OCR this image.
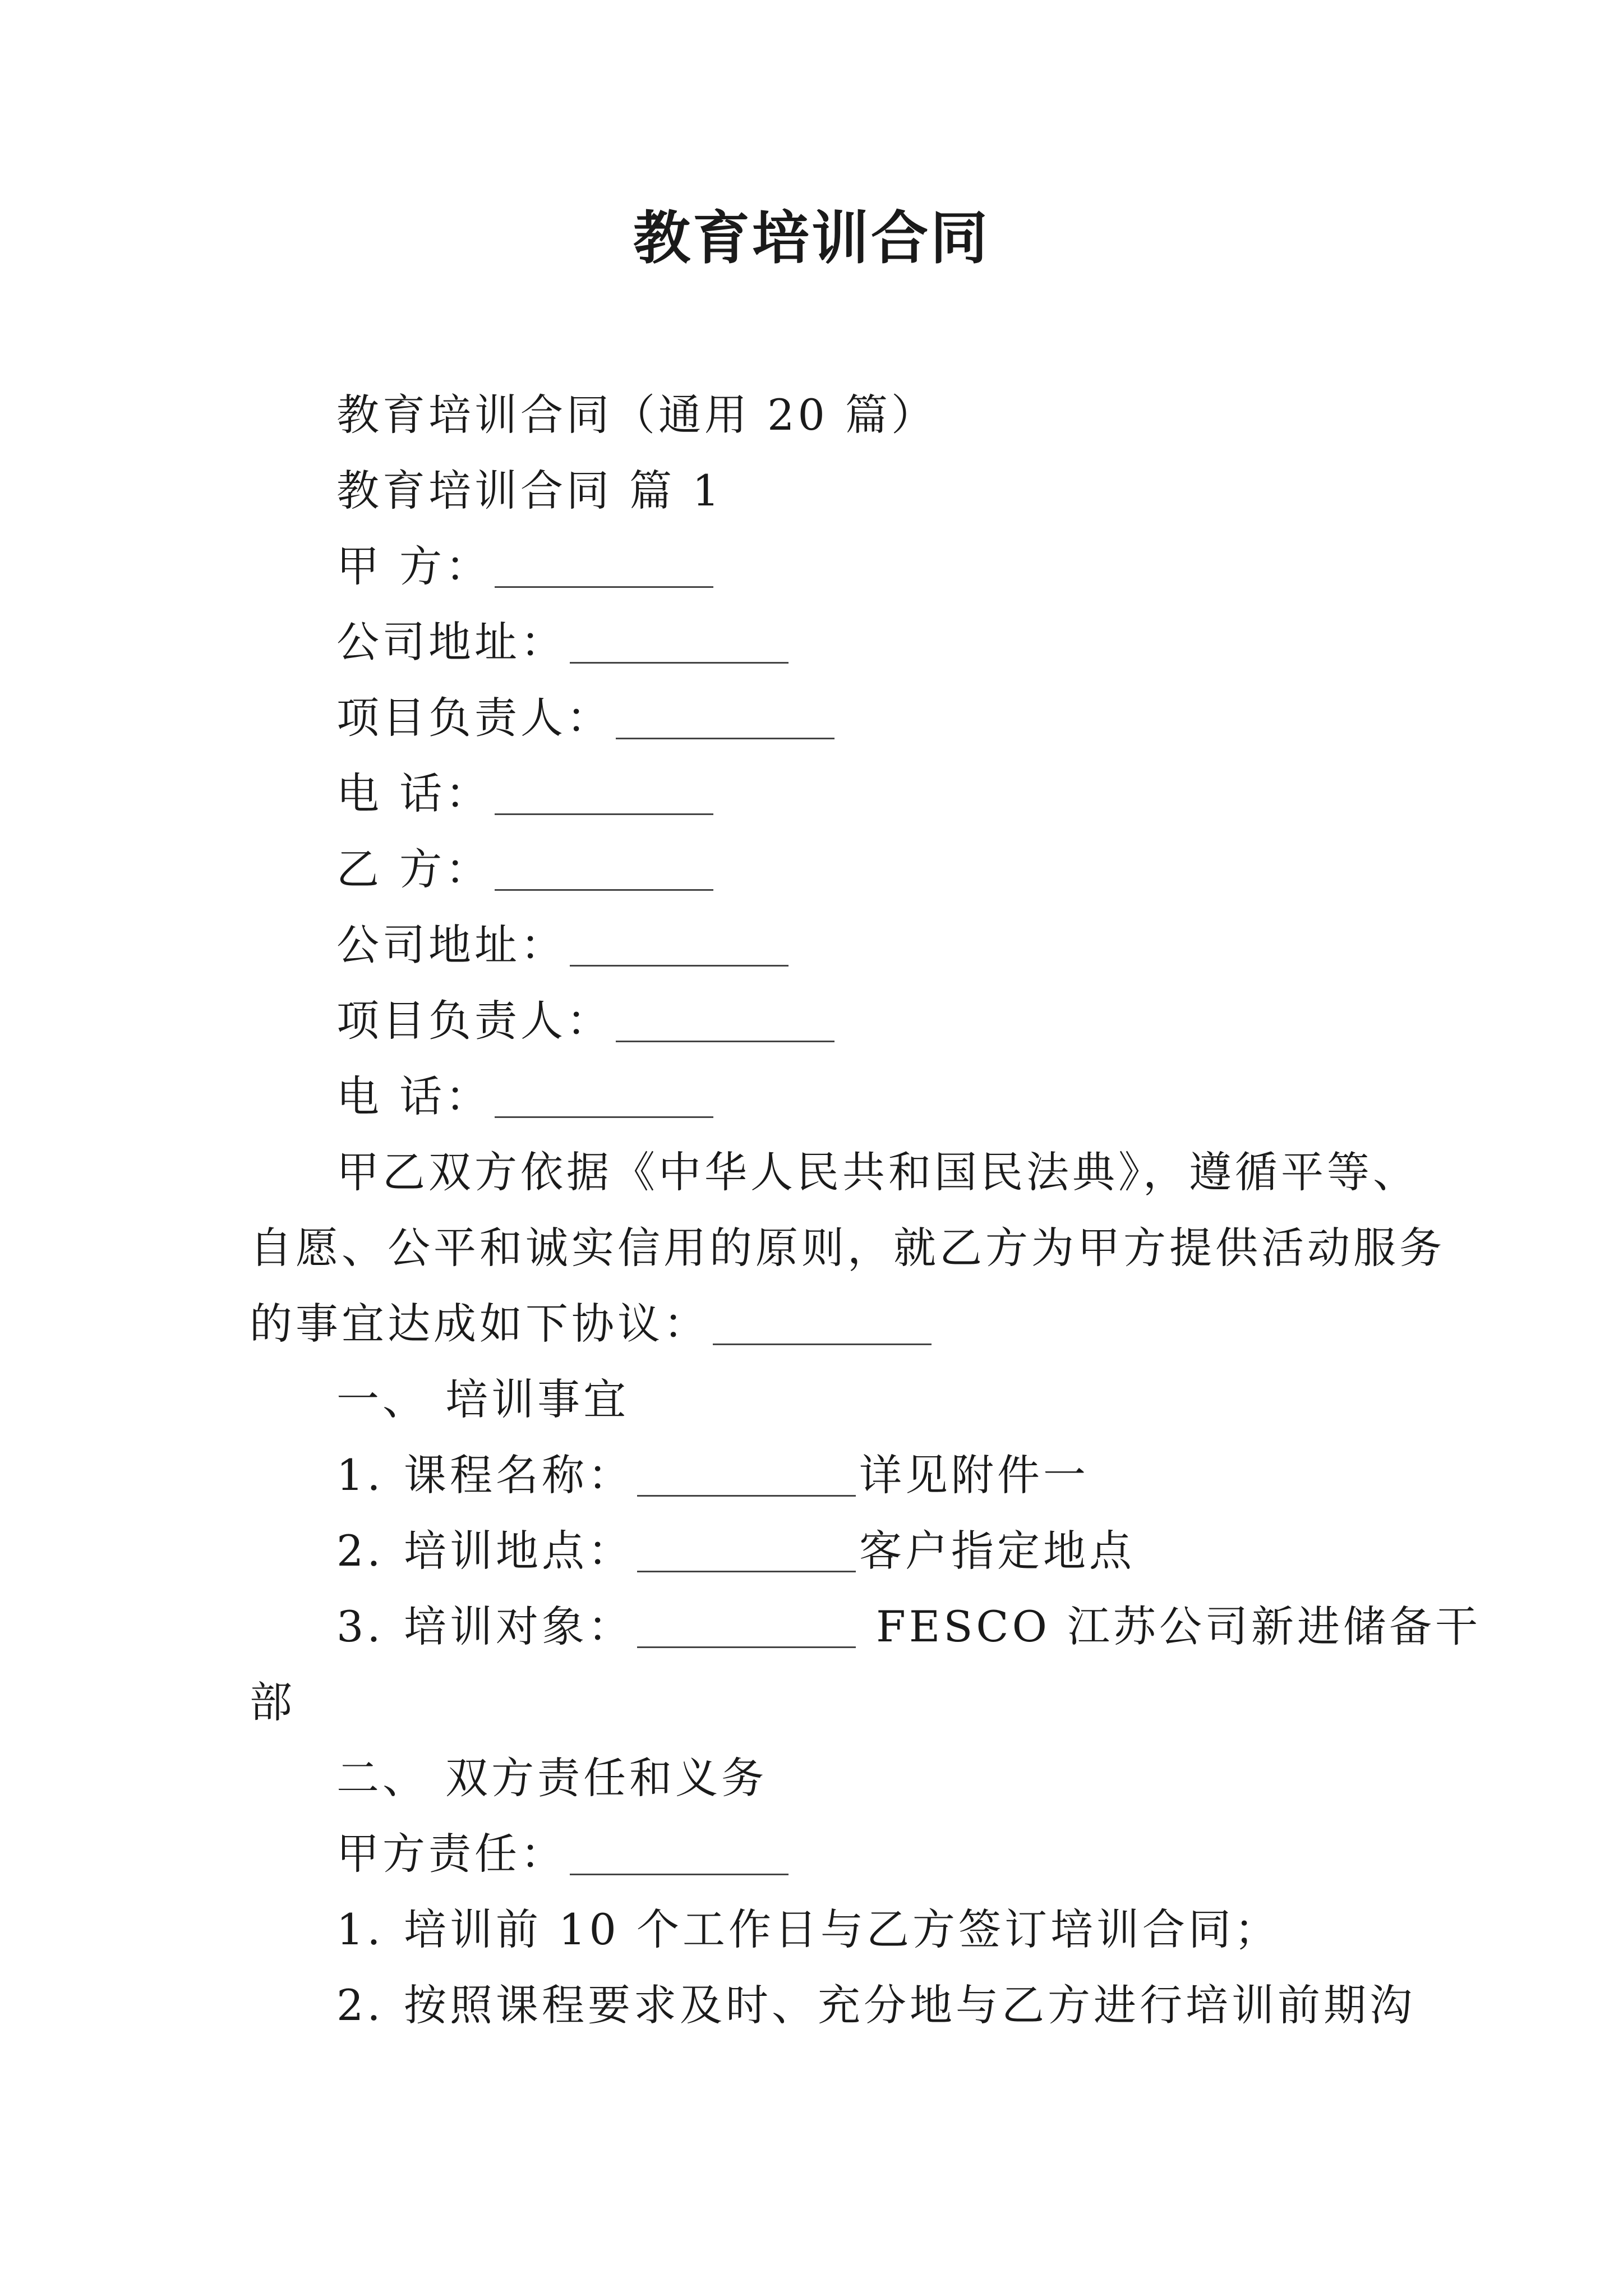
教育培训合同
教育培训合同（通用 20 篇）
教育培训合同 篇 1
甲 方：
公司地址：
项目负责人：
电 话：
乙 方：
公司地址：
项目负责人：
电 话：
甲乙双方依据《中华人民共和国民法典》，遵循平等、
自愿、公平和诚实信用的原则，就乙方为甲方提供活动服务
的事宜达成如下协议：
一、 培训事宜
1. 课程名称：	详见附件一
2. 培训地点：	客户指定地点
3. 培训对象：	FESCO 江苏公司新进储备干
部
二、 双方责任和义务
甲方责任：
1. 培训前 10 个工作日与乙方签订培训合同；
2. 按照课程要求及时、充分地与乙方进行培训前期沟
